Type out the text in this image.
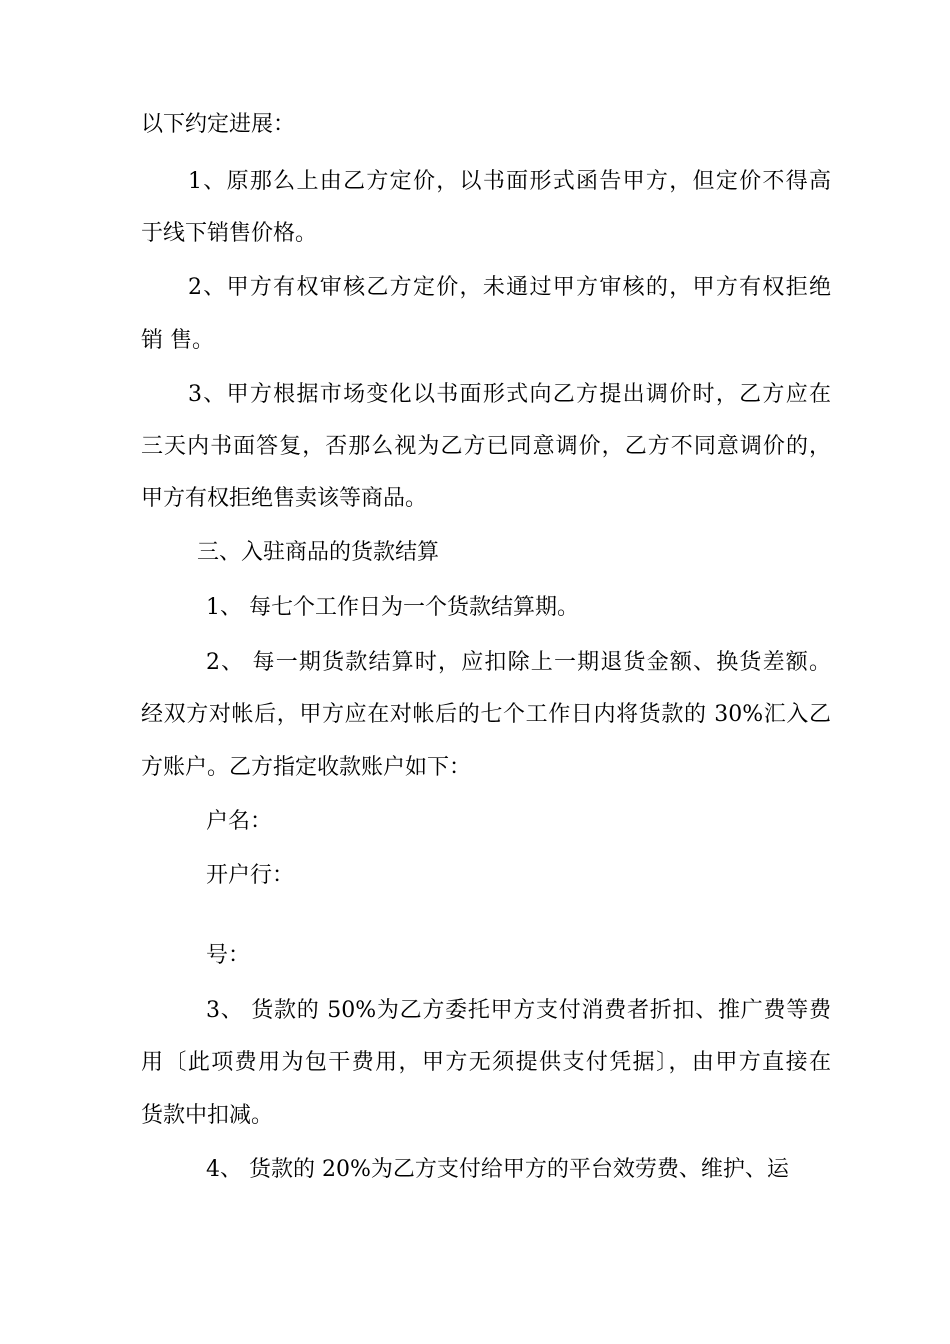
以下约定进展：
1、原那么上由乙方定价，以书面形式函告甲方，但定价不得高
于线下销售价格。
2、甲方有权审核乙方定价，未通过甲方审核的，甲方有权拒绝
销 售。
3、甲方根据市场变化以书面形式向乙方提出调价时，乙方应在
三天内书面答复，否那么视为乙方已同意调价，乙方不同意调价的，
甲方有权拒绝售卖该等商品。
三、入驻商品的货款结算
1、 每七个工作日为一个货款结算期。
2、 每一期货款结算时，应扣除上一期退货金额、换货差额。
经双方对帐后，甲方应在对帐后的七个工作日内将货款的 30%汇入乙
方账户。乙方指定收款账户如下：
户名：
开户行：
号：
3、 货款的 50%为乙方委托甲方支付消费者折扣、推广费等费
用〔此项费用为包干费用，甲方无须提供支付凭据〕，由甲方直接在
货款中扣减。
4、 货款的 20%为乙方支付给甲方的平台效劳费、维护、运
